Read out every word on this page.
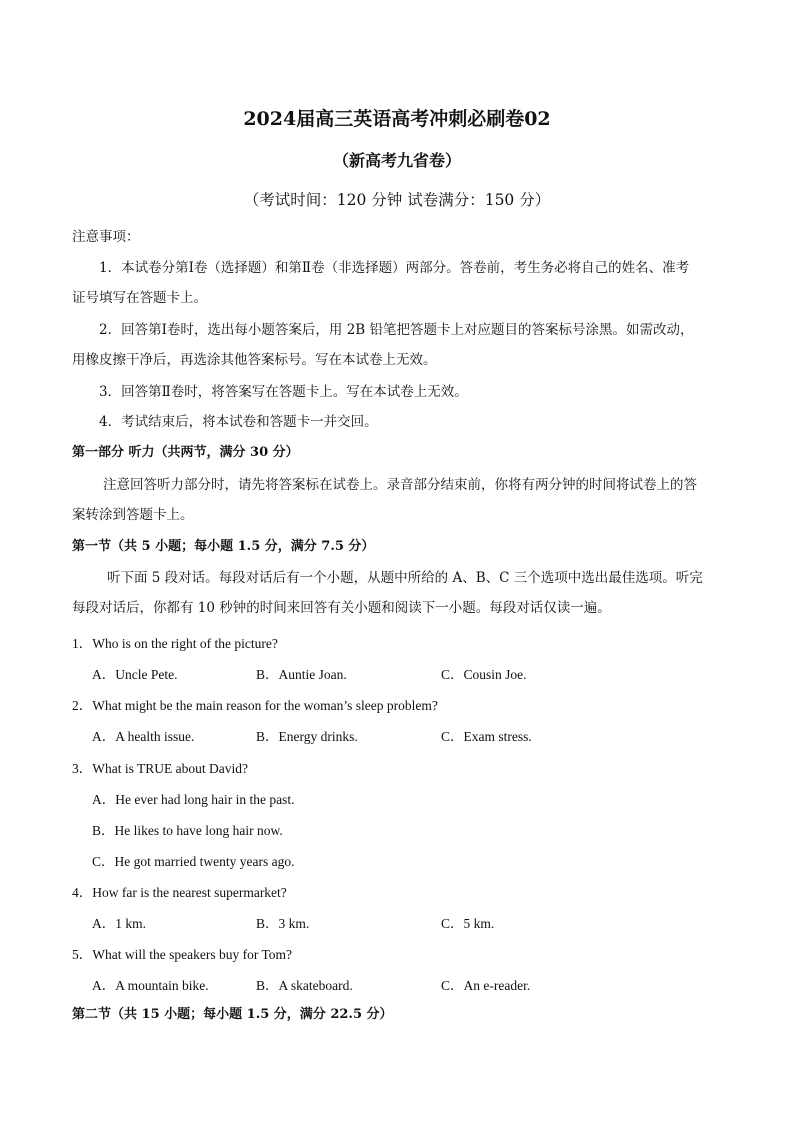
2024届高三英语高考冲刺必刷卷02
（新高考九省卷）
（考试时间：120 分钟 试卷满分：150 分）
注意事项：
1．本试卷分第Ⅰ卷（选择题）和第Ⅱ卷（非选择题）两部分。答卷前，考生务必将自己的姓名、准考
证号填写在答题卡上。
2．回答第Ⅰ卷时，选出每小题答案后，用 2B 铅笔把答题卡上对应题目的答案标号涂黑。如需改动，
用橡皮擦干净后，再选涂其他答案标号。写在本试卷上无效。
3．回答第Ⅱ卷时，将答案写在答题卡上。写在本试卷上无效。
4．考试结束后，将本试卷和答题卡一并交回。
第一部分 听力（共两节，满分 30 分）
注意回答听力部分时，请先将答案标在试卷上。录音部分结束前，你将有两分钟的时间将试卷上的答
案转涂到答题卡上。
第一节（共 5 小题；每小题 1.5 分，满分 7.5 分）
听下面 5 段对话。每段对话后有一个小题，从题中所给的 A、B、C 三个选项中选出最佳选项。听完
每段对话后，你都有 10 秒钟的时间来回答有关小题和阅读下一小题。每段对话仅读一遍。
1．Who is on the right of the picture?
A．Uncle Pete.	B．Auntie Joan.	C．Cousin Joe.
2．What might be the main reason for the woman’s sleep problem?
A．A health issue.	B．Energy drinks.	C．Exam stress.
3．What is TRUE about David?
A．He ever had long hair in the past.
B．He likes to have long hair now.
C．He got married twenty years ago.
4．How far is the nearest supermarket?
A．1 km.	B．3 km.	C．5 km.
5．What will the speakers buy for Tom?
A．A mountain bike.	B．A skateboard.	C．An e-reader.
第二节（共 15 小题；每小题 1.5 分，满分 22.5 分）
